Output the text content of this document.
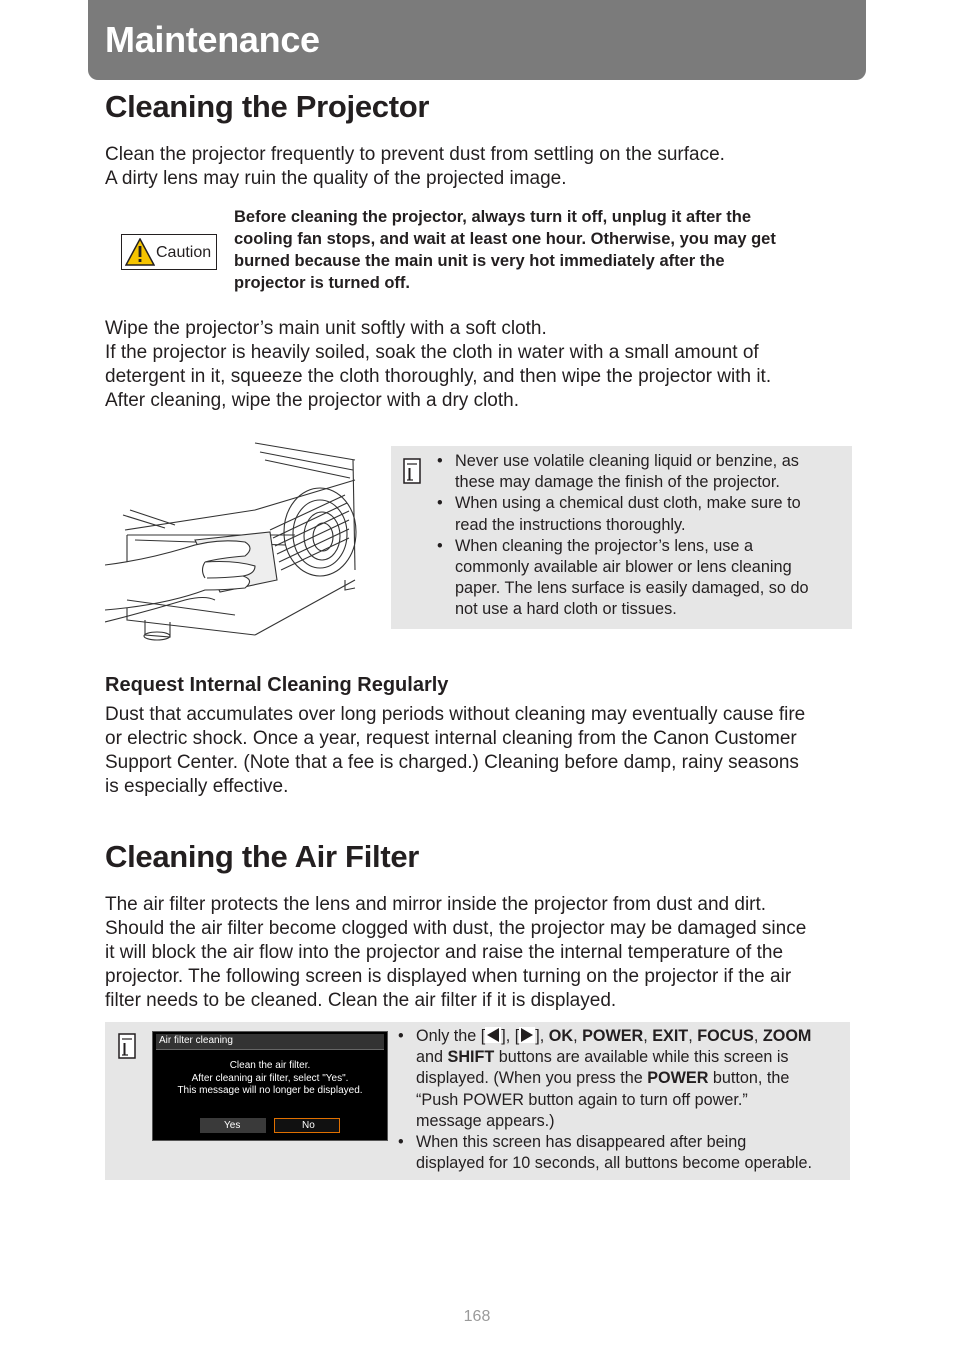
Maintenance
Cleaning the Projector
Clean the projector frequently to prevent dust from settling on the surface.
A dirty lens may ruin the quality of the projected image.
Caution
Before cleaning the projector, always turn it off, unplug it after the
cooling fan stops, and wait at least one hour. Otherwise, you may get
burned because the main unit is very hot immediately after the
projector is turned off.
Wipe the projector’s main unit softly with a soft cloth.
If the projector is heavily soiled, soak the cloth in water with a small amount of
detergent in it, squeeze the cloth thoroughly, and then wipe the projector with it.
After cleaning, wipe the projector with a dry cloth.
• Never use volatile cleaning liquid or benzine, as
these may damage the finish of the projector.
• When using a chemical dust cloth, make sure to
read the instructions thoroughly.
• When cleaning the projector’s lens, use a
commonly available air blower or lens cleaning
paper. The lens surface is easily damaged, so do
not use a hard cloth or tissues.
Request Internal Cleaning Regularly
Dust that accumulates over long periods without cleaning may eventually cause fire
or electric shock. Once a year, request internal cleaning from the Canon Customer
Support Center. (Note that a fee is charged.) Cleaning before damp, rainy seasons
is especially effective.
Cleaning the Air Filter
The air filter protects the lens and mirror inside the projector from dust and dirt.
Should the air filter become clogged with dust, the projector may be damaged since
it will block the air flow into the projector and raise the internal temperature of the
projector. The following screen is displayed when turning on the projector if the air
filter needs to be cleaned. Clean the air filter if it is displayed.
Air filter cleaning
Clean the air filter.
After cleaning air filter, select "Yes".
This message will no longer be displayed.
Yes	No
• Only the [ ], [ ], OK, POWER, EXIT, FOCUS, ZOOM
and SHIFT buttons are available while this screen is
displayed. (When you press the POWER button, the
“Push POWER button again to turn off power.”
message appears.)
• When this screen has disappeared after being
displayed for 10 seconds, all buttons become operable.
168
